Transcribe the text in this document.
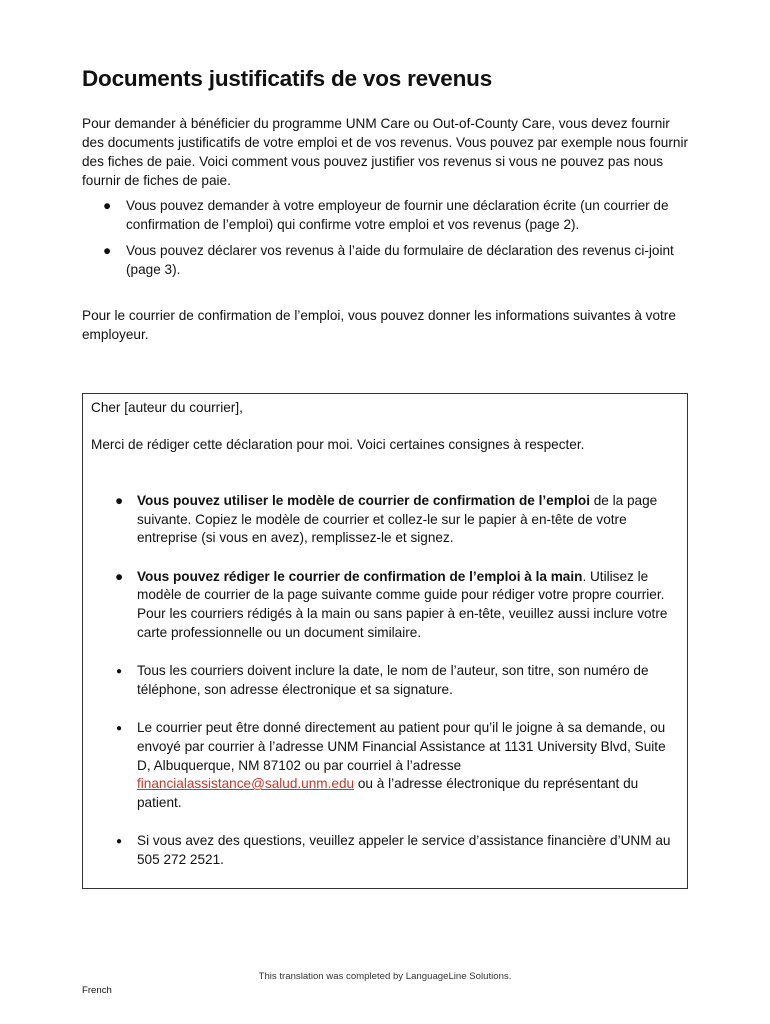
Documents justificatifs de vos revenus

Pour demander à bénéficier du programme UNM Care ou Out-of-County Care, vous devez fournir des documents justificatifs de votre emploi et de vos revenus. Vous pouvez par exemple nous fournir des fiches de paie. Voici comment vous pouvez justifier vos revenus si vous ne pouvez pas nous fournir de fiches de paie.

● Vous pouvez demander à votre employeur de fournir une déclaration écrite (un courrier de confirmation de l’emploi) qui confirme votre emploi et vos revenus (page 2).
● Vous pouvez déclarer vos revenus à l’aide du formulaire de déclaration des revenus ci-joint (page 3).

Pour le courrier de confirmation de l’emploi, vous pouvez donner les informations suivantes à votre employeur.

Cher [auteur du courrier],

Merci de rédiger cette déclaration pour moi. Voici certaines consignes à respecter.

● Vous pouvez utiliser le modèle de courrier de confirmation de l’emploi de la page suivante. Copiez le modèle de courrier et collez-le sur le papier à en-tête de votre entreprise (si vous en avez), remplissez-le et signez.
● Vous pouvez rédiger le courrier de confirmation de l’emploi à la main. Utilisez le modèle de courrier de la page suivante comme guide pour rédiger votre propre courrier. Pour les courriers rédigés à la main ou sans papier à en-tête, veuillez aussi inclure votre carte professionnelle ou un document similaire.
● Tous les courriers doivent inclure la date, le nom de l’auteur, son titre, son numéro de téléphone, son adresse électronique et sa signature.
● Le courrier peut être donné directement au patient pour qu’il le joigne à sa demande, ou envoyé par courrier à l’adresse UNM Financial Assistance at 1131 University Blvd, Suite D, Albuquerque, NM 87102 ou par courriel à l’adresse financialassistance@salud.unm.edu ou à l’adresse électronique du représentant du patient.
● Si vous avez des questions, veuillez appeler le service d’assistance financière d’UNM au 505 272 2521.
This translation was completed by LanguageLine Solutions.
French
